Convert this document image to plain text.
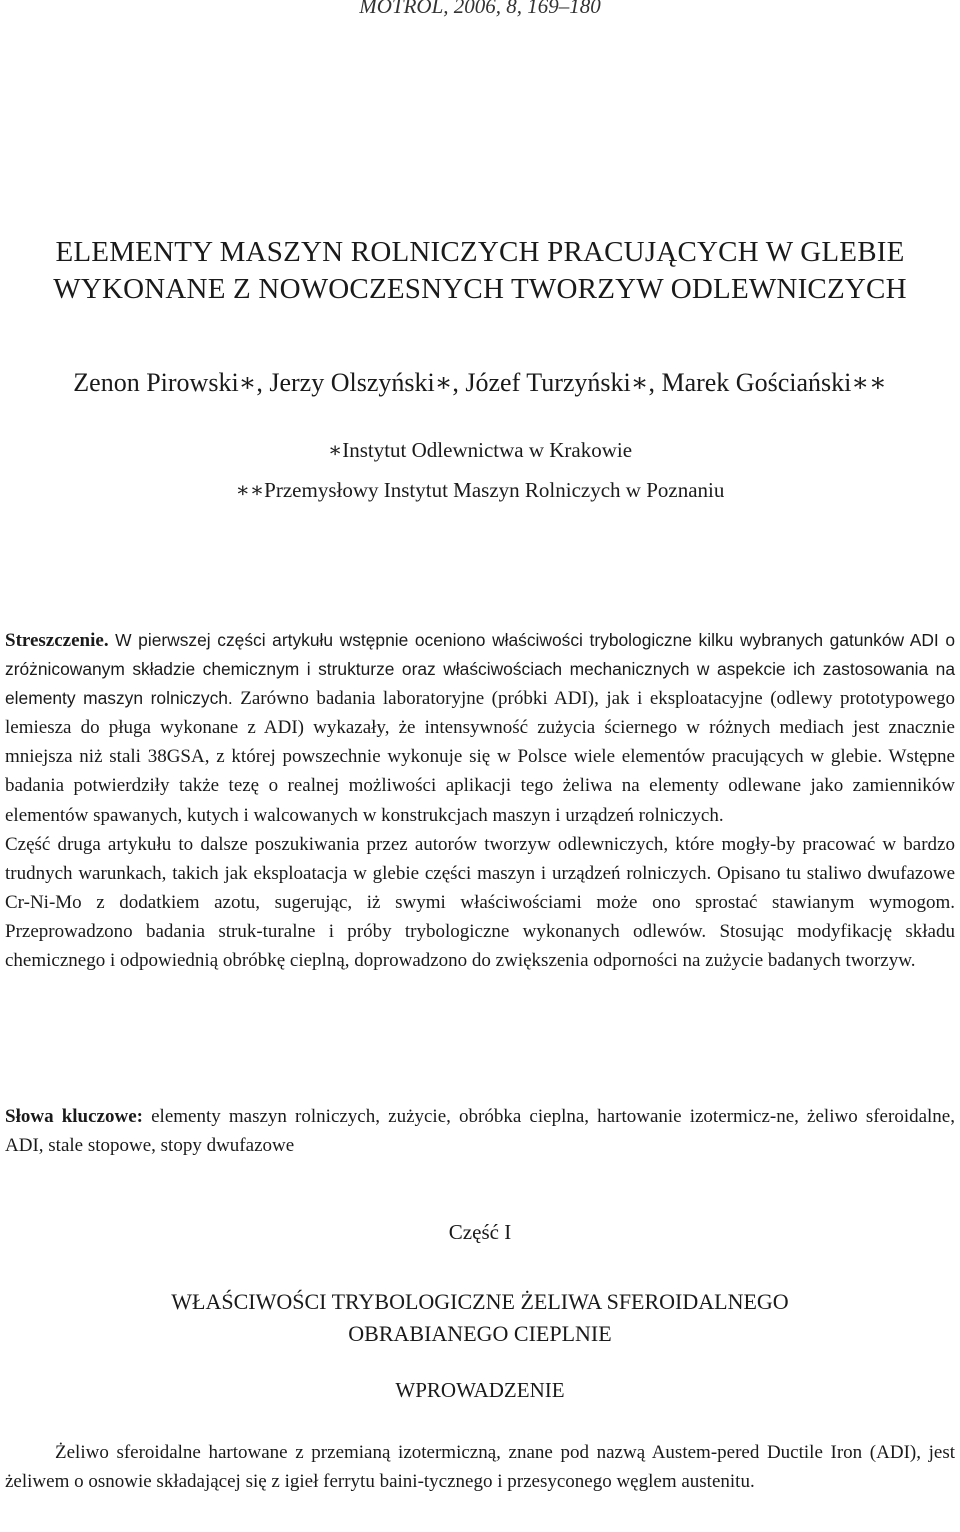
MOTROL, 2006, 8, 169–180
ELEMENTY MASZYN ROLNICZYCH PRACUJĄCYCH W GLEBIE
WYKONANE Z NOWOCZESNYCH TWORZYW ODLEWNICZYCH
Zenon Pirowski∗, Jerzy Olszyński∗, Józef Turzyński∗, Marek Gościański∗∗
∗Instytut Odlewnictwa w Krakowie
∗∗Przemysłowy Instytut Maszyn Rolniczych w Poznaniu

Streszczenie. W pierwszej części artykułu wstępnie oceniono właściwości trybologiczne kilku wybranych gatunków ADI o zróżnicowanym składzie chemicznym i strukturze oraz właściwościach mechanicznych w aspekcie ich zastosowania na elementy maszyn rolniczych. Zarówno badania laboratoryjne (próbki ADI), jak i eksploatacyjne (odlewy prototypowego lemiesza do pługa wykonane z ADI) wykazały, że intensywność zużycia ściernego w różnych mediach jest znacznie mniejsza niż stali 38GSA, z której powszechnie wykonuje się w Polsce wiele elementów pracujących w glebie. Wstępne badania potwierdziły także tezę o realnej możliwości aplikacji tego żeliwa na elementy odlewane jako zamienników elementów spawanych, kutych i walcowanych w konstrukcjach maszyn i urządzeń rolniczych.

Część druga artykułu to dalsze poszukiwania przez autorów tworzyw odlewniczych, które mogły-by pracować w bardzo trudnych warunkach, takich jak eksploatacja w glebie części maszyn i urządzeń rolniczych. Opisano tu staliwo dwufazowe Cr-Ni-Mo z dodatkiem azotu, sugerując, iż swymi właściwościami może ono sprostać stawianym wymogom. Przeprowadzono badania struk-turalne i próby trybologiczne wykonanych odlewów. Stosując modyfikację składu chemicznego i odpowiednią obróbkę cieplną, doprowadzono do zwiększenia odporności na zużycie badanych tworzyw.

Słowa kluczowe: elementy maszyn rolniczych, zużycie, obróbka cieplna, hartowanie izotermicz-ne, żeliwo sferoidalne, ADI, stale stopowe, stopy dwufazowe

Część I
WŁAŚCIWOŚCI TRYBOLOGICZNE ŻELIWA SFEROIDALNEGO
OBRABIANEGO CIEPLNIE
WPROWADZENIE

Żeliwo sferoidalne hartowane z przemianą izotermiczną, znane pod nazwą Austem-pered Ductile Iron (ADI), jest żeliwem o osnowie składającej się z igieł ferrytu baini-tycznego i przesyconego węglem austenitu.
